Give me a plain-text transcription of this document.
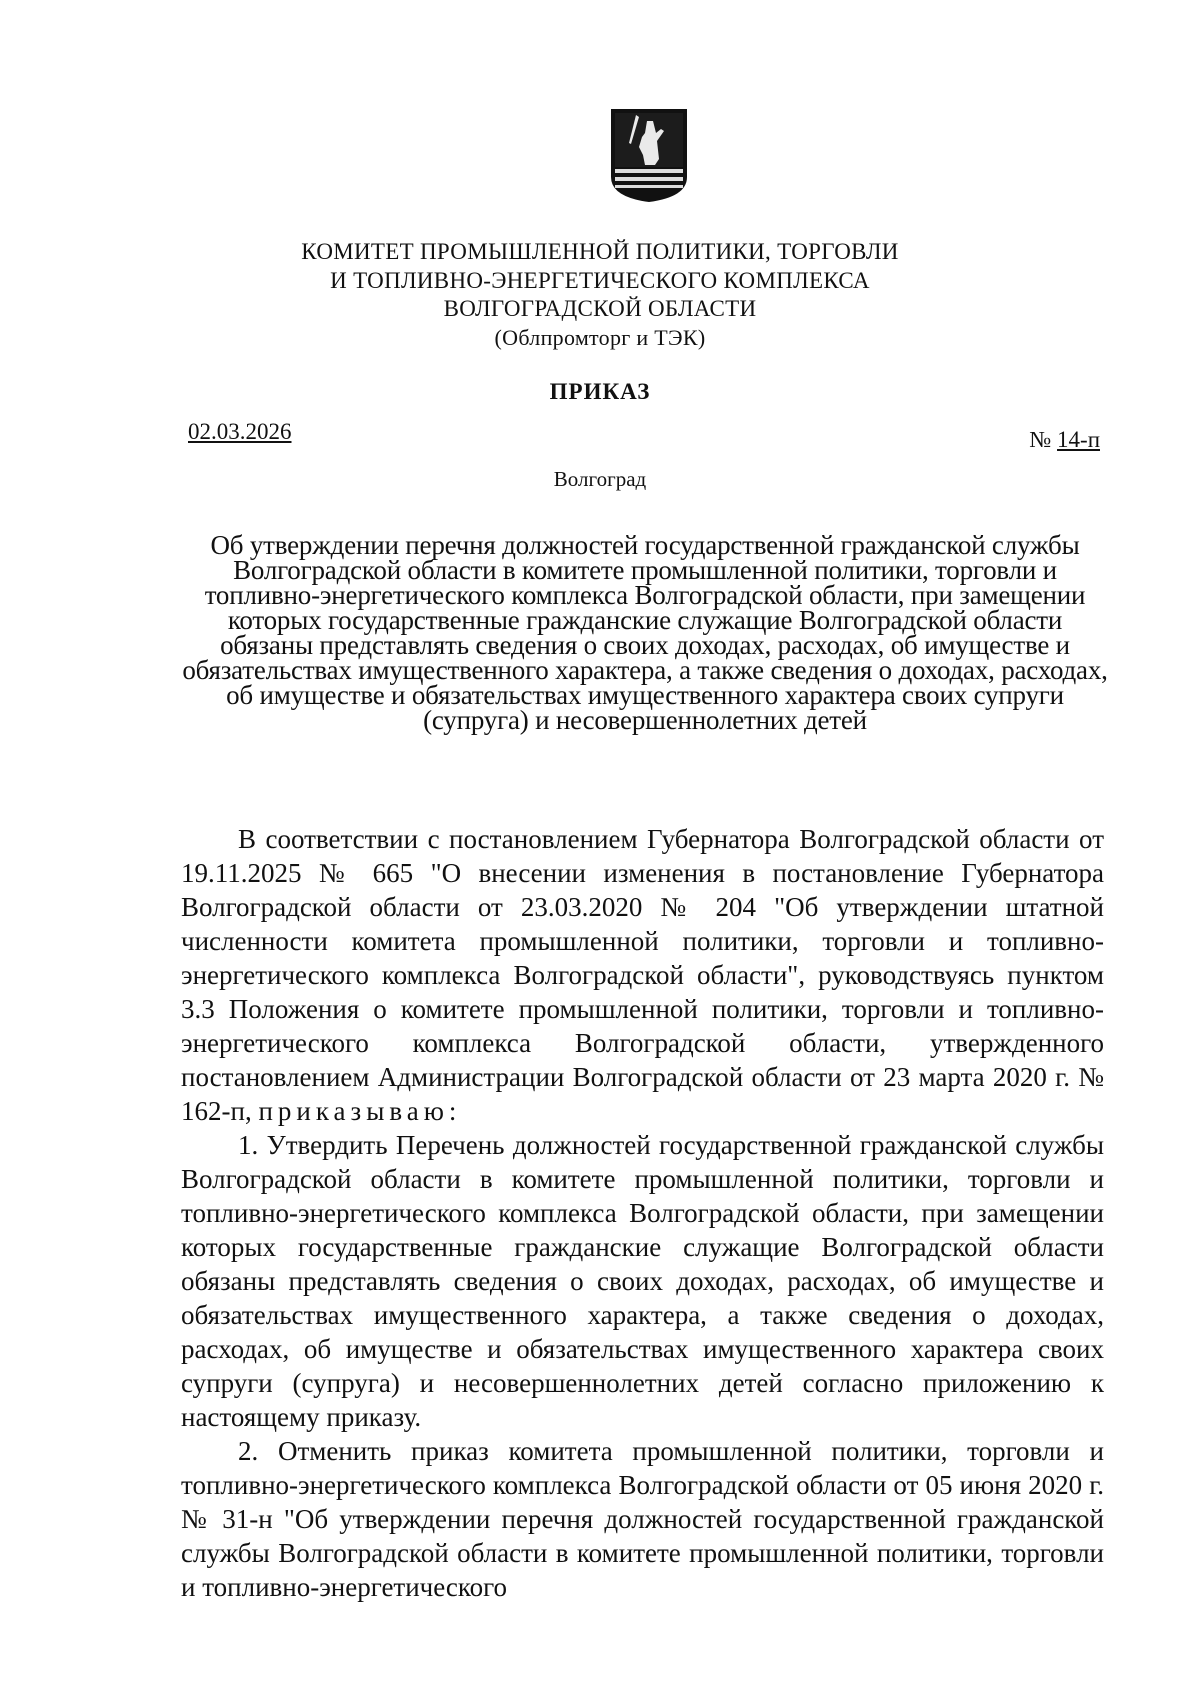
КОМИТЕТ ПРОМЫШЛЕННОЙ ПОЛИТИКИ, ТОРГОВЛИ
И ТОПЛИВНО-ЭНЕРГЕТИЧЕСКОГО КОМПЛЕКСА
ВОЛГОГРАДСКОЙ ОБЛАСТИ
(Облпромторг и ТЭК)
ПРИКАЗ
02.03.2026	№ 14-п
Волгоград
Об утверждении перечня должностей государственной гражданской службы Волгоградской области в комитете промышленной политики, торговли и топливно-энергетического комплекса Волгоградской области, при замещении которых государственные гражданские служащие Волгоградской области обязаны представлять сведения о своих доходах, расходах, об имуществе и обязательствах имущественного характера, а также сведения о доходах, расходах, об имуществе и обязательствах имущественного характера своих супруги (супруга) и несовершеннолетних детей

В соответствии с постановлением Губернатора Волгоградской области от 19.11.2025 № 665 "О внесении изменения в постановление Губернатора Волгоградской области от 23.03.2020 № 204 "Об утверждении штатной численности комитета промышленной политики, торговли и топливно-энергетического комплекса Волгоградской области", руководствуясь пунктом 3.3 Положения о комитете промышленной политики, торговли и топливно-энергетического комплекса Волгоградской области, утвержденного постановлением Администрации Волгоградской области от 23 марта 2020 г. № 162-п, приказываю:

1. Утвердить Перечень должностей государственной гражданской службы Волгоградской области в комитете промышленной политики, торговли и топливно-энергетического комплекса Волгоградской области, при замещении которых государственные гражданские служащие Волгоградской области обязаны представлять сведения о своих доходах, расходах, об имуществе и обязательствах имущественного характера, а также сведения о доходах, расходах, об имуществе и обязательствах имущественного характера своих супруги (супруга) и несовершеннолетних детей согласно приложению к настоящему приказу.

2. Отменить приказ комитета промышленной политики, торговли и топливно-энергетического комплекса Волгоградской области от 05 июня 2020 г. № 31-н "Об утверждении перечня должностей государственной гражданской службы Волгоградской области в комитете промышленной политики, торговли и топливно-энергетического
